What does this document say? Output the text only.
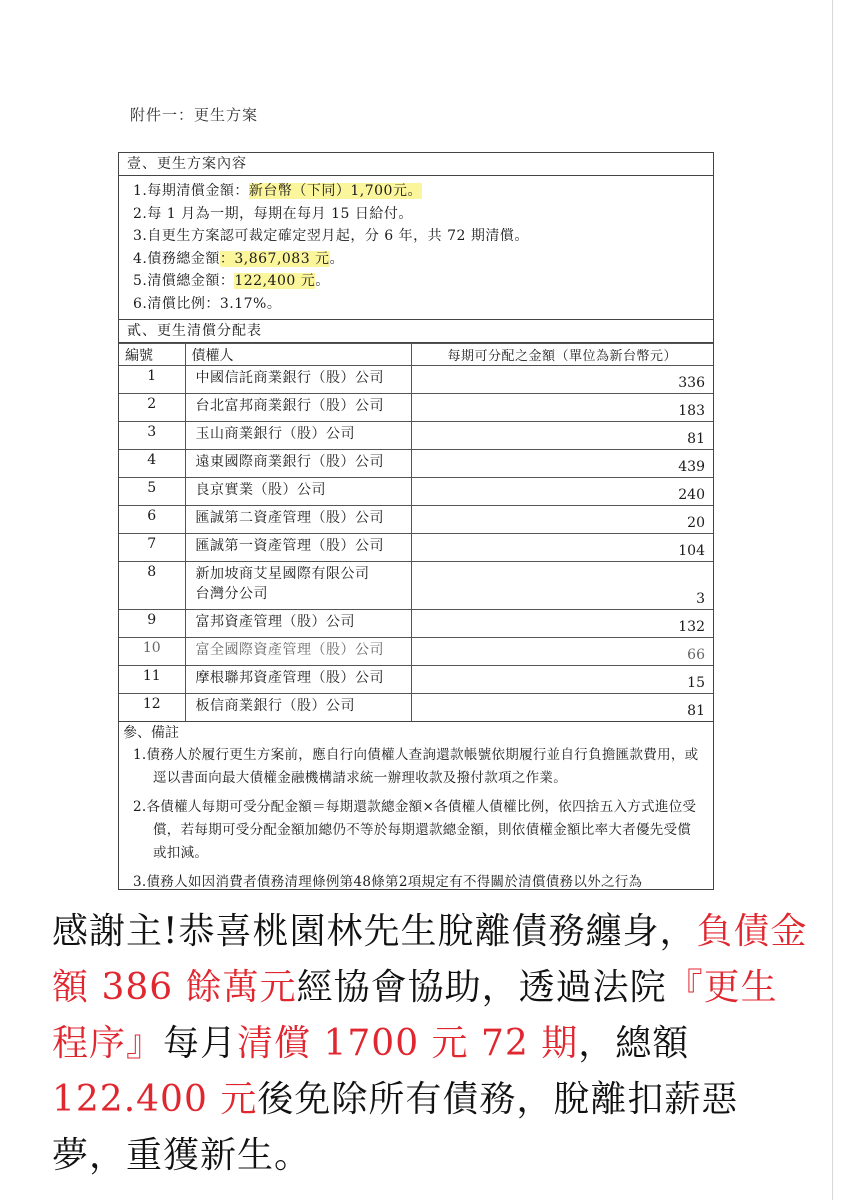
附件一：更生方案
壹、更生方案內容
1.每期清償金額：新台幣（下同）1,700元。
2.每 1 月為一期，每期在每月 15 日給付。
3.自更生方案認可裁定確定翌月起，分 6 年，共 72 期清償。
4.債務總金額：3,867,083 元。
5.清償總金額：122,400 元。
6.清償比例：3.17%。
貳、更生清償分配表
編號	債權人	每期可分配之金額（單位為新台幣元）
1	中國信託商業銀行（股）公司	336
2	台北富邦商業銀行（股）公司	183
3	玉山商業銀行（股）公司	81
4	遠東國際商業銀行（股）公司	439
5	良京實業（股）公司	240
6	匯誠第二資產管理（股）公司	20
7	匯誠第一資產管理（股）公司	104
8	新加坡商艾星國際有限公司
台灣分公司	3
9	富邦資產管理（股）公司	132
10	富全國際資產管理（股）公司	66
11	摩根聯邦資產管理（股）公司	15
12	板信商業銀行（股）公司	81
參、備註
1.債務人於履行更生方案前，應自行向債權人查詢還款帳號依期履行並自行負擔匯款費用，或逕以書面向最大債權金融機構請求統一辦理收款及撥付款項之作業。
2.各債權人每期可受分配金額＝每期還款總金額×各債權人債權比例，依四捨五入方式進位受償，若每期可受分配金額加總仍不等於每期還款總金額，則依債權金額比率大者優先受償或扣減。
3.債務人如因消費者債務清理條例第48條第2項規定有不得關於清償債務以外之行為

感謝主!恭喜桃園林先生脫離債務纏身，負債金額 386 餘萬元經協會協助，透過法院『更生程序』每月清償 1700 元 72 期，總額122.400 元後免除所有債務，脫離扣薪惡夢，重獲新生。
